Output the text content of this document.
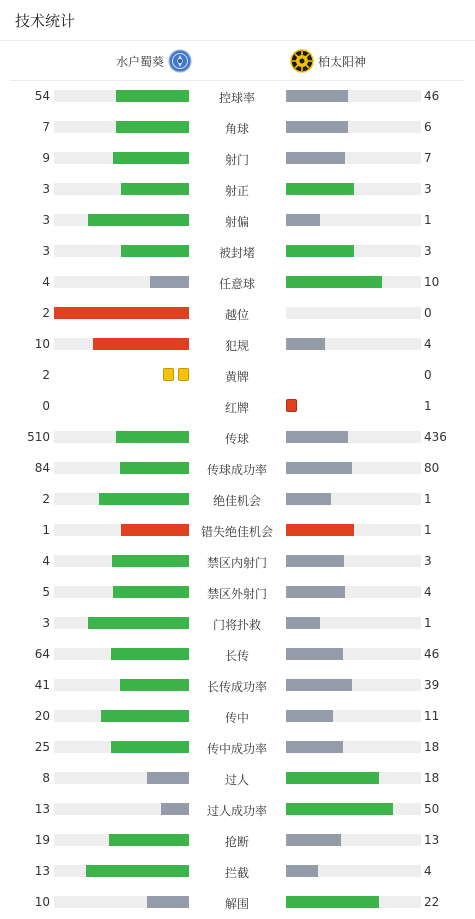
技术统计
水户蜀葵	柏太阳神
54	控球率	46
7	角球	6
9	射门	7
3	射正	3
3	射偏	1
3	被封堵	3
4	任意球	10
2	越位	0
10	犯规	4
2	黄牌	0
0	红牌	1
510	传球	436
84	传球成功率	80
2	绝佳机会	1
1	错失绝佳机会	1
4	禁区内射门	3
5	禁区外射门	4
3	门将扑救	1
64	长传	46
41	长传成功率	39
20	传中	11
25	传中成功率	18
8	过人	18
13	过人成功率	50
19	抢断	13
13	拦截	4
10	解围	22
